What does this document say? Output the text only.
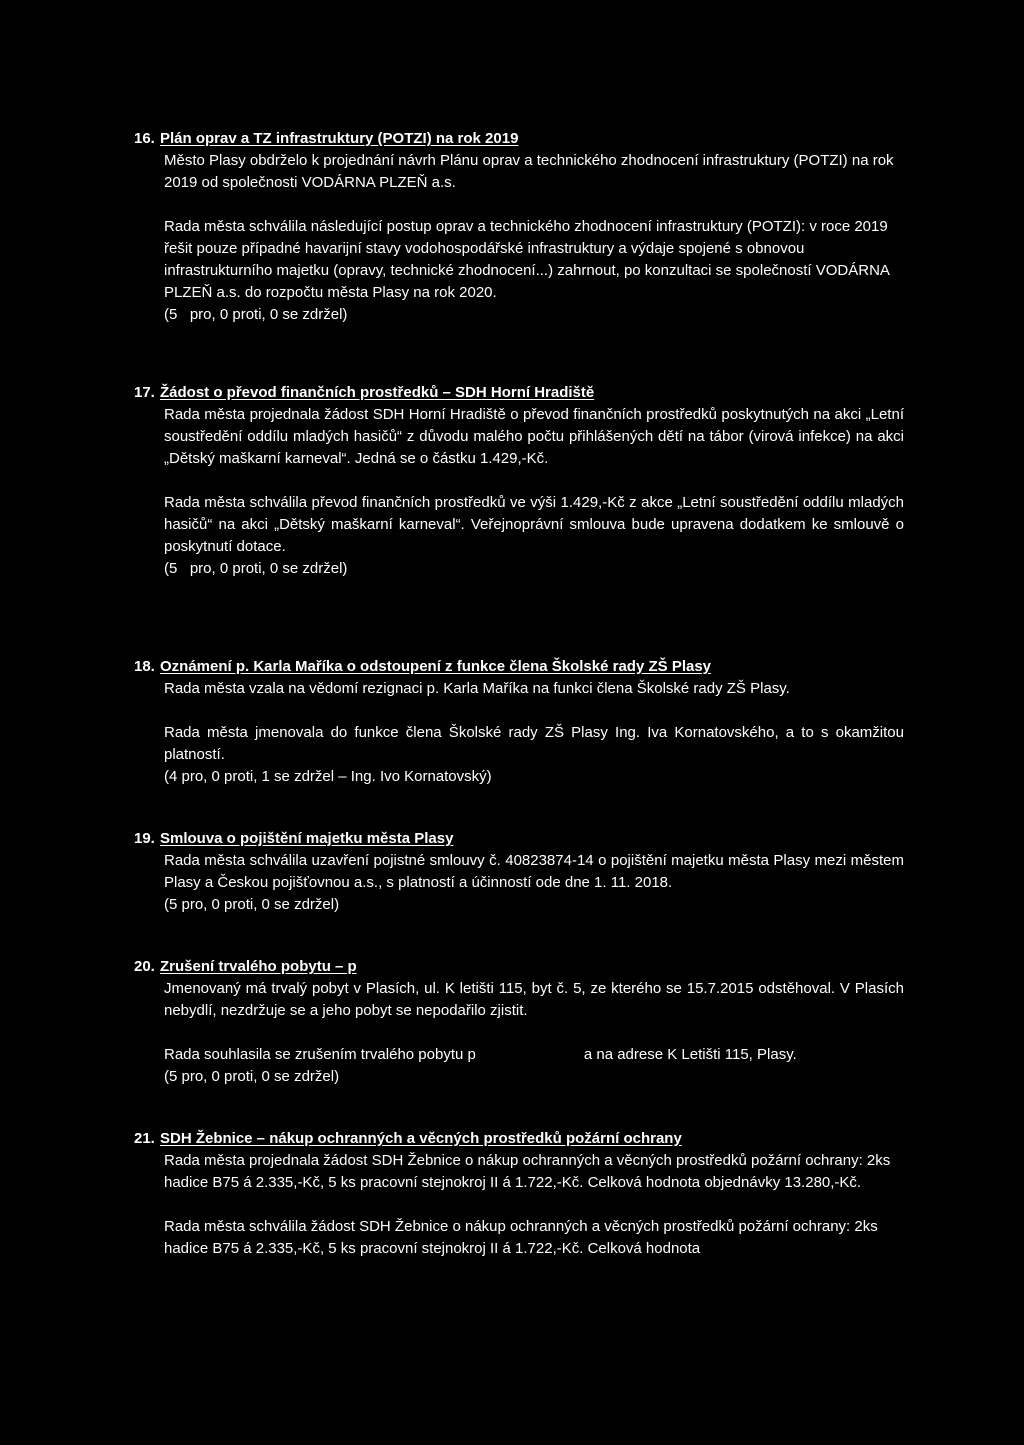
16. Plán oprav a TZ infrastruktury (POTZI) na rok 2019

Město Plasy obdrželo k projednání návrh Plánu oprav a technického zhodnocení infrastruktury (POTZI) na rok 2019 od společnosti VODÁRNA PLZEŇ a.s.

Rada města schválila následující postup oprav a technického zhodnocení infrastruktury (POTZI): v roce 2019 řešit pouze případné havarijní stavy vodohospodářské infrastruktury a výdaje spojené s obnovou infrastrukturního majetku (opravy, technické zhodnocení...) zahrnout, po konzultaci se společností VODÁRNA PLZEŇ a.s. do rozpočtu města Plasy na rok 2020.

(5   pro, 0 proti, 0 se zdržel)

17. Žádost o převod finančních prostředků – SDH Horní Hradiště

Rada města projednala žádost SDH Horní Hradiště o převod finančních prostředků poskytnutých na akci „Letní soustředění oddílu mladých hasičů“ z důvodu malého počtu přihlášených dětí na tábor (virová infekce) na akci „Dětský maškarní karneval“. Jedná se o částku 1.429,-Kč.

Rada města schválila převod finančních prostředků ve výši 1.429,-Kč z akce „Letní soustředění oddílu mladých hasičů“ na akci „Dětský maškarní karneval“. Veřejnoprávní smlouva bude upravena dodatkem ke smlouvě o poskytnutí dotace.

(5   pro, 0 proti, 0 se zdržel)

18. Oznámení p. Karla Maříka o odstoupení z funkce člena Školské rady ZŠ Plasy

Rada města vzala na vědomí rezignaci p. Karla Maříka na funkci člena Školské rady ZŠ Plasy.

Rada města jmenovala do funkce člena Školské rady ZŠ Plasy Ing. Iva Kornatovského, a to s okamžitou platností.

(4 pro, 0 proti, 1 se zdržel – Ing. Ivo Kornatovský)

19. Smlouva o pojištění majetku města Plasy

Rada města schválila uzavření pojistné smlouvy č. 40823874-14 o pojištění majetku města Plasy mezi městem Plasy a Českou pojišťovnou a.s., s platností a účinností ode dne 1. 11. 2018.

(5 pro, 0 proti, 0 se zdržel)

20. Zrušení trvalého pobytu – p

Jmenovaný má trvalý pobyt v Plasích, ul. K letišti 115, byt č. 5, ze kterého se 15.7.2015 odstěhoval. V Plasích nebydlí, nezdržuje se a jeho pobyt se nepodařilo zjistit.

Rada souhlasila se zrušením trvalého pobytu p	a na adrese K Letišti 115, Plasy.

(5 pro, 0 proti, 0 se zdržel)

21. SDH Žebnice – nákup ochranných a věcných prostředků požární ochrany

Rada města projednala žádost SDH Žebnice o nákup ochranných a věcných prostředků požární ochrany: 2ks hadice B75 á 2.335,-Kč, 5 ks pracovní stejnokroj II á 1.722,-Kč. Celková hodnota objednávky 13.280,-Kč.

Rada města schválila žádost SDH Žebnice o nákup ochranných a věcných prostředků požární ochrany: 2ks hadice B75 á 2.335,-Kč, 5 ks pracovní stejnokroj II á 1.722,-Kč. Celková hodnota
